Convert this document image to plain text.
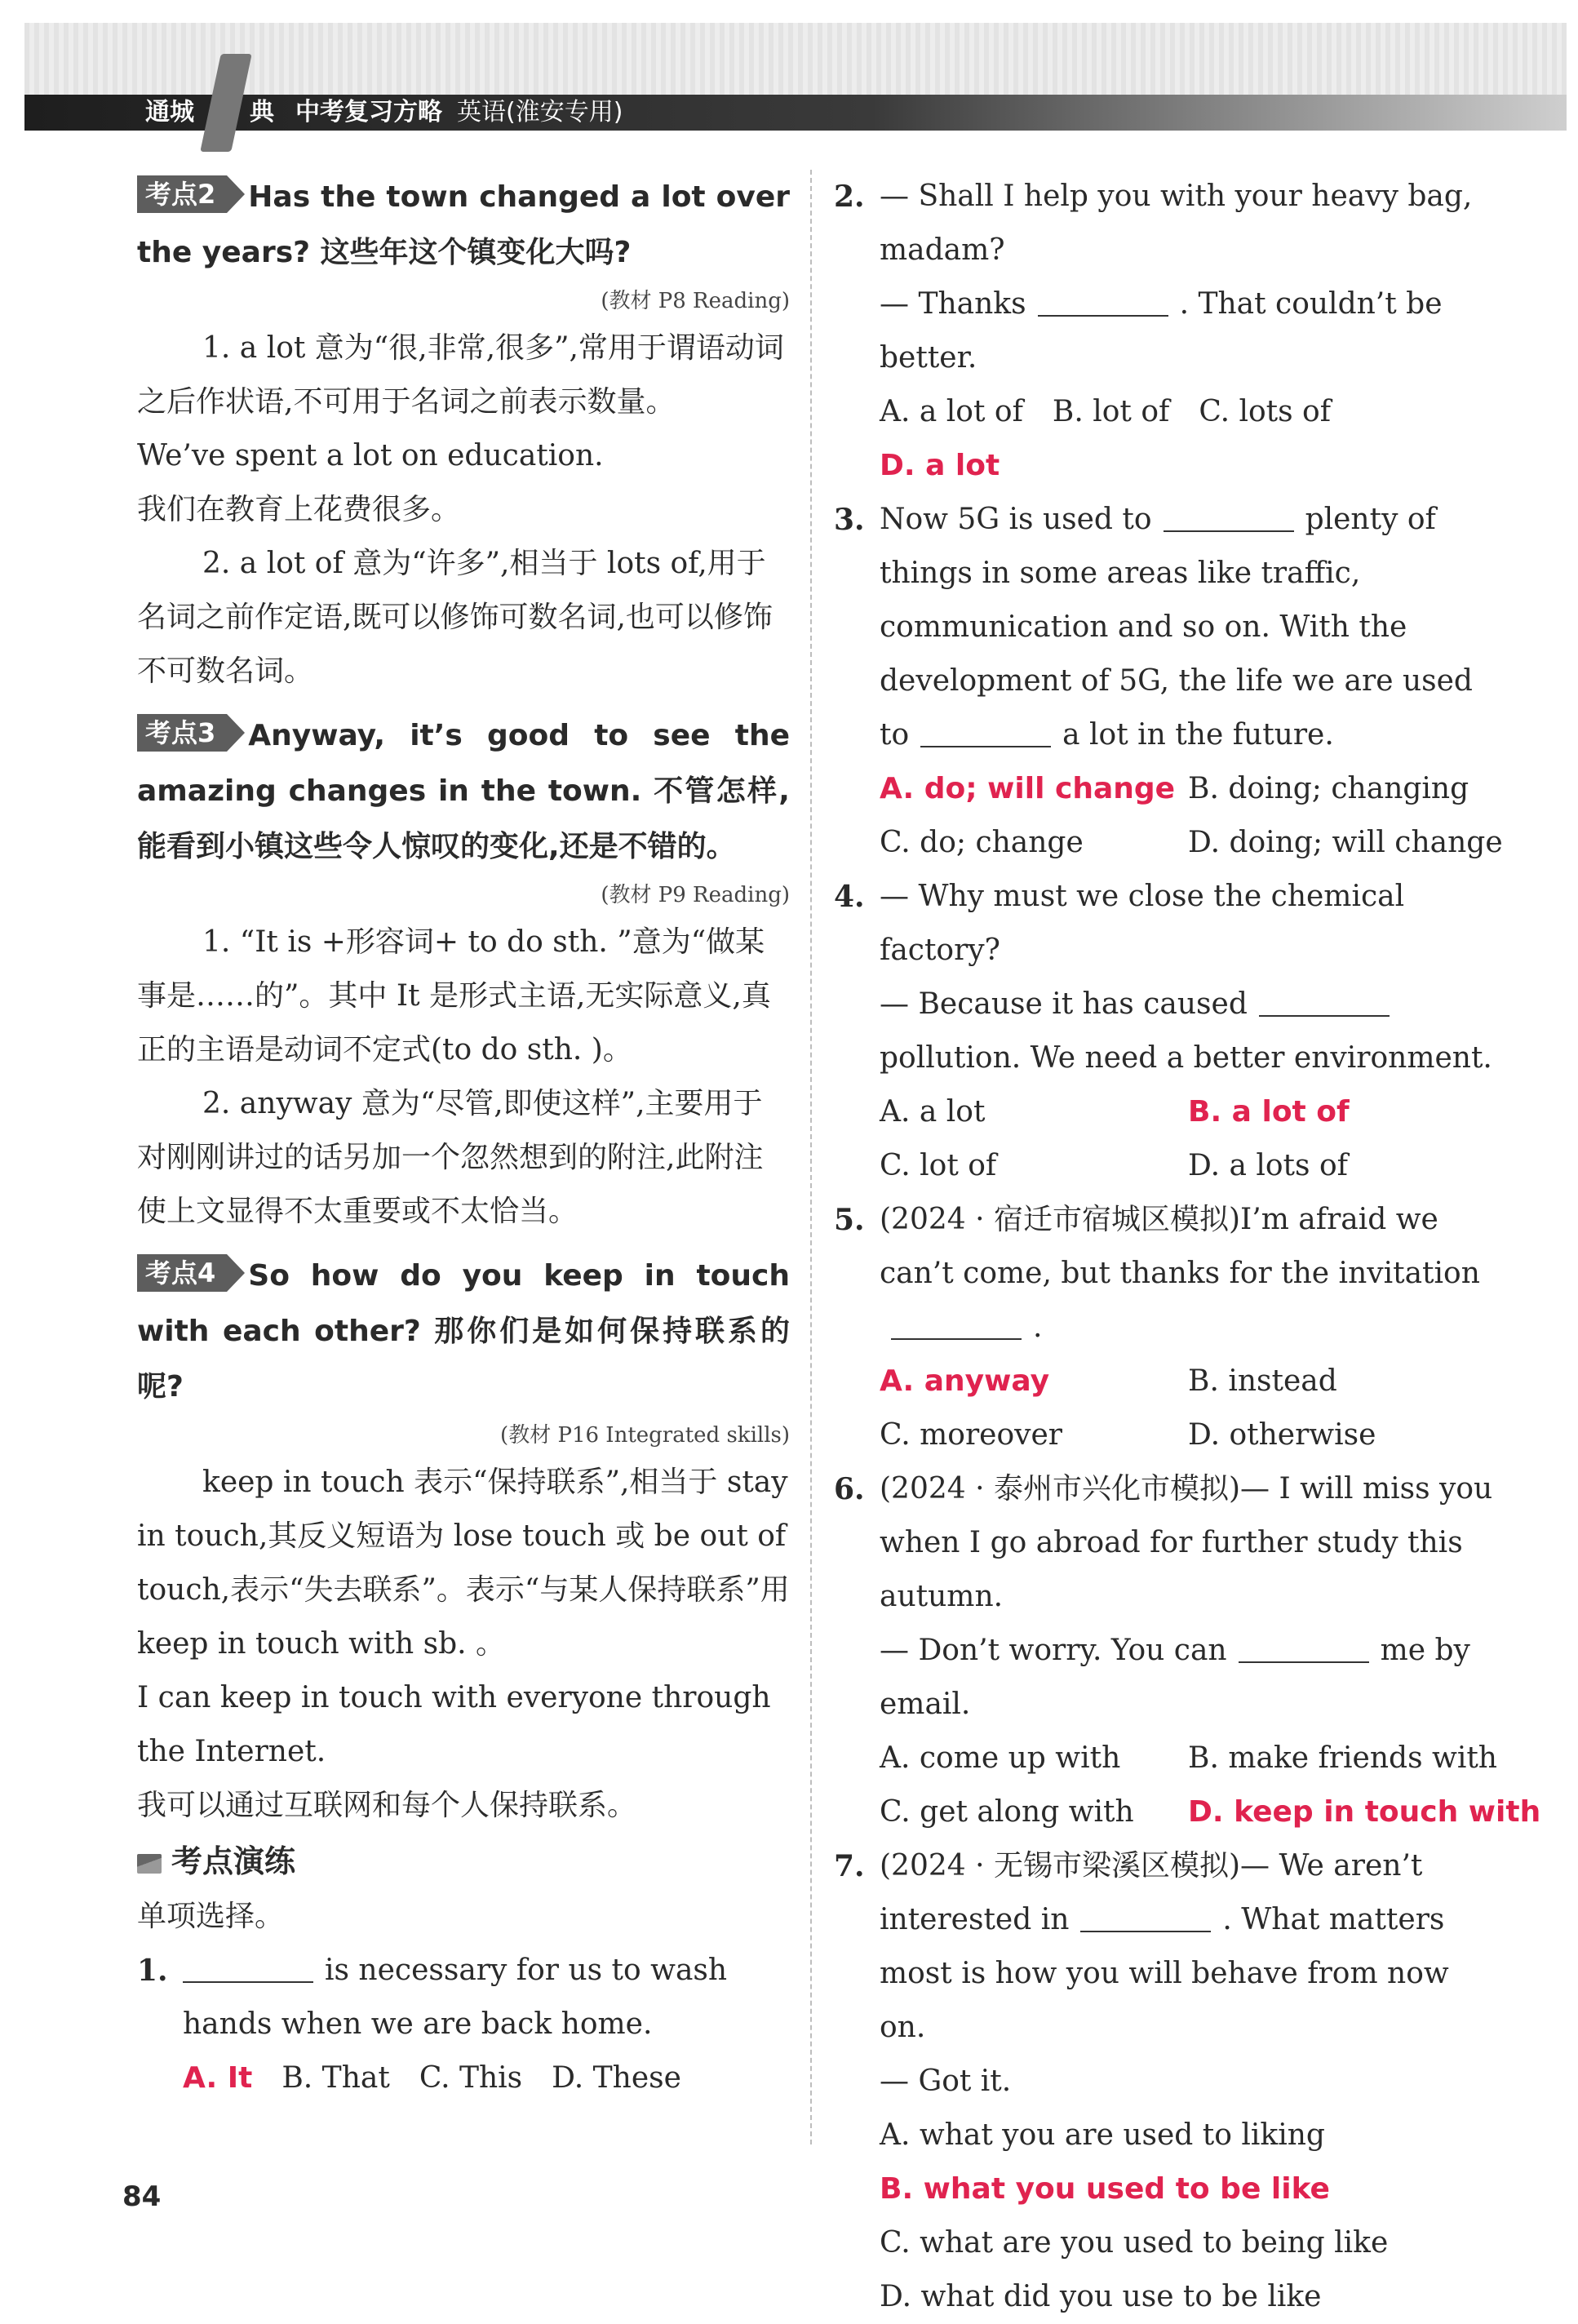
通城 典 中考复习方略 英语(淮安专用)

考点2 Has the town changed a lot over the years? 这些年这个镇变化大吗?

(教材 P8 Reading)

1. a lot 意为“很,非常,很多”,常用于谓语动词之后作状语,不可用于名词之前表示数量。

We’ve spent a lot on education.

我们在教育上花费很多。

2. a lot of 意为“许多”,相当于 lots of,用于名词之前作定语,既可以修饰可数名词,也可以修饰不可数名词。

考点3 Anyway, it’s good to see the amazing changes in the town. 不管怎样,能看到小镇这些令人惊叹的变化,还是不错的。

(教材 P9 Reading)

1. “It is +形容词+ to do sth. ”意为“做某事是……的”。其中 It 是形式主语,无实际意义,真正的主语是动词不定式(to do sth. )。

2. anyway 意为“尽管,即使这样”,主要用于对刚刚讲过的话另加一个忽然想到的附注,此附注使上文显得不太重要或不太恰当。

考点4 So how do you keep in touch with each other? 那你们是如何保持联系的呢?

(教材 P16 Integrated skills)

keep in touch 表示“保持联系”,相当于 stay in touch,其反义短语为 lose touch 或 be out of touch,表示“失去联系”。表示“与某人保持联系”用 keep in touch with sb. 。

I can keep in touch with everyone through the Internet.

我可以通过互联网和每个人保持联系。

考点演练

单项选择。

1.	is necessary for us to wash hands when we are back home.

A. It B. That C. This D. These
2. — Shall I help you with your heavy bag, madam?

— Thanks	. That couldn’t be better.

A. a lot of B. lot of C. lots of
D. a lot
3. Now 5G is used to	plenty of things in some areas like traffic, communication and so on. With the development of 5G, the life we are used to	a lot in the future.

A. do; will change B. doing; changing
C. do; change	D. doing; will change
4. — Why must we close the chemical factory?

— Because it has causedpollution. We need a better environment.

A. a lot	B. a lot of
C. lot of	D. a lots of
5. (2024 · 宿迁市宿城区模拟)I’m afraid we can’t come, but thanks for the invitation .

A. anyway	B. instead
C. moreover	D. otherwise
6. (2024 · 泰州市兴化市模拟)— I will miss you when I go abroad for further study this autumn.

— Don’t worry. You can	me by email.

A. come up with	B. make friends with
C. get along with	D. keep in touch with
7. (2024 · 无锡市梁溪区模拟)— We aren’t interested in	. What matters most is how you will behave from now on.

— Got it.

A. what you are used to liking

B. what you used to be like

C. what are you used to being like

D. what did you use to be like

84
